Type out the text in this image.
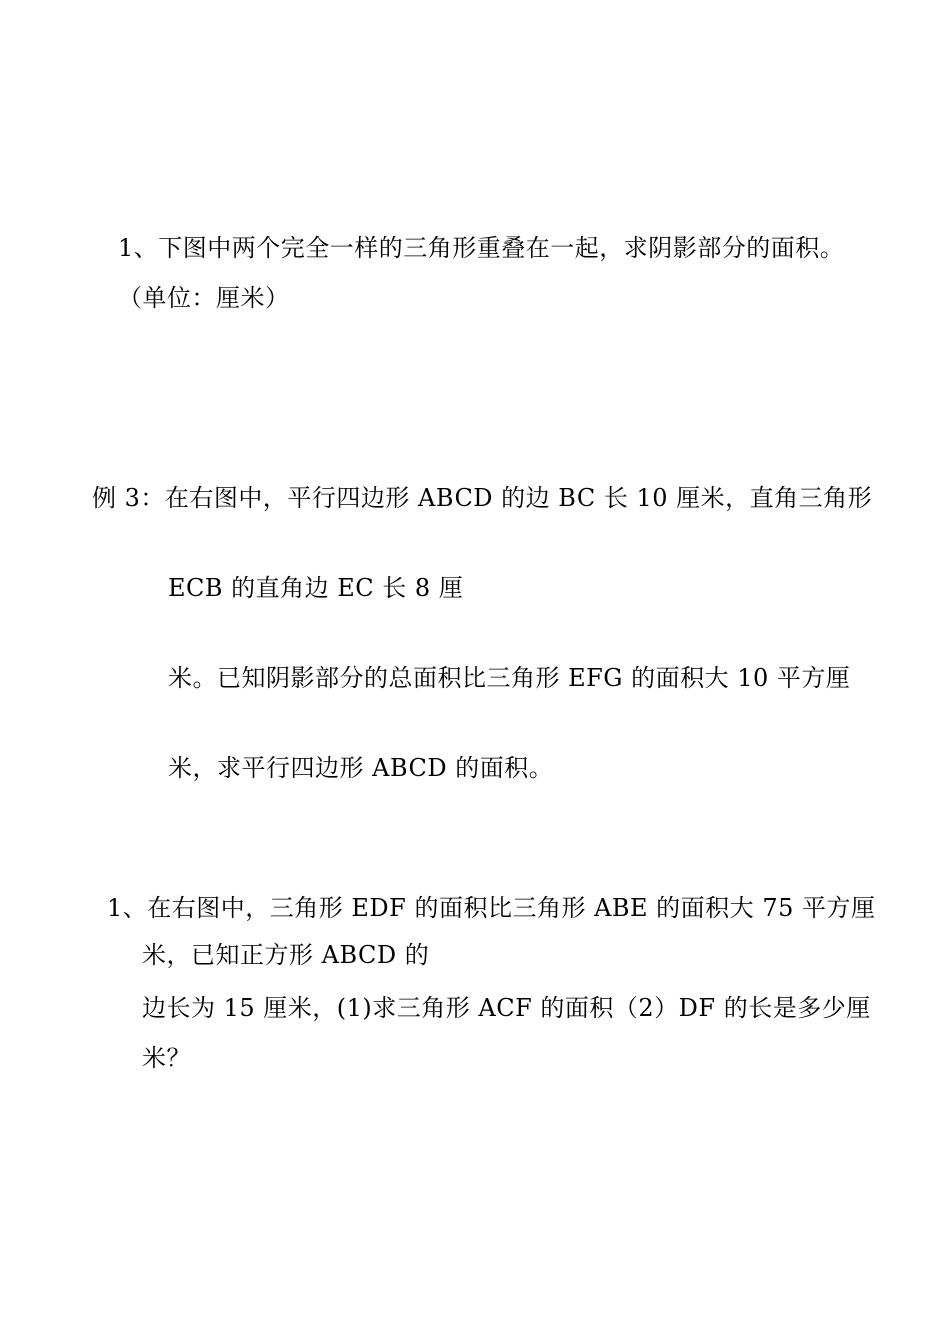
1、下图中两个完全一样的三角形重叠在一起，求阴影部分的面积。
（单位：厘米）
例 3：在右图中，平行四边形 ABCD 的边 BC 长 10 厘米，直角三角形
ECB 的直角边 EC 长 8 厘
米。已知阴影部分的总面积比三角形 EFG 的面积大 10 平方厘
米，求平行四边形 ABCD 的面积。
1、在右图中，三角形 EDF 的面积比三角形 ABE 的面积大 75 平方厘
米，已知正方形 ABCD 的
边长为 15 厘米，(1)求三角形 ACF 的面积（2）DF 的长是多少厘
米？
